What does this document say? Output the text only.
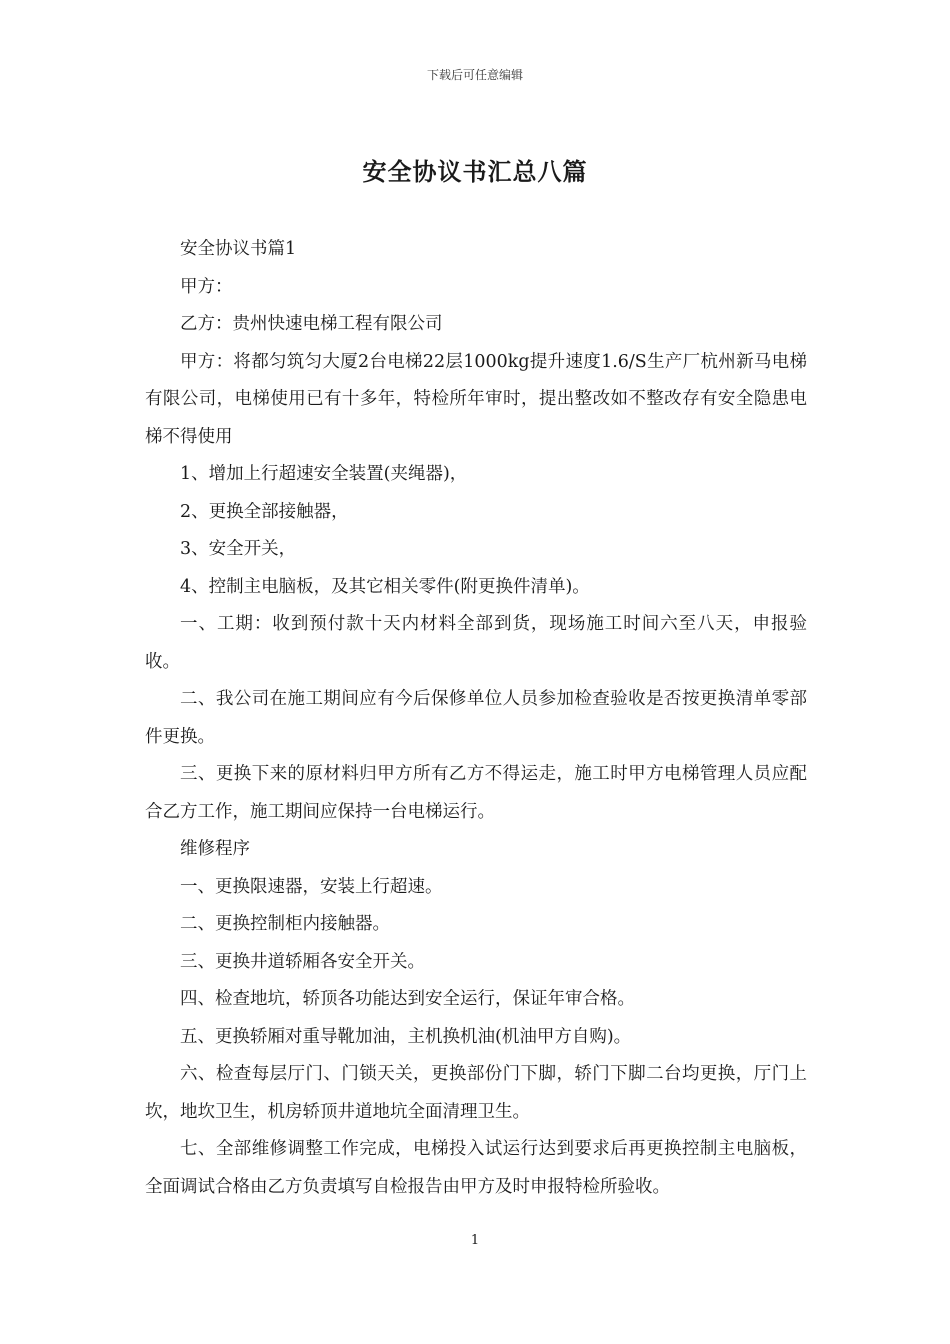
下载后可任意编辑
安全协议书汇总八篇

安全协议书篇1

甲方：

乙方：贵州快速电梯工程有限公司

甲方：将都匀筑匀大厦2台电梯22层1000kg提升速度1.6/S生产厂杭州新马电梯有限公司，电梯使用已有十多年，特检所年审时，提出整改如不整改存有安全隐患电梯不得使用

1、增加上行超速安全装置(夹绳器)，

2、更换全部接触器，

3、安全开关，

4、控制主电脑板，及其它相关零件(附更换件清单)。

一、工期：收到预付款十天内材料全部到货，现场施工时间六至八天，申报验收。

二、我公司在施工期间应有今后保修单位人员参加检查验收是否按更换清单零部件更换。

三、更换下来的原材料归甲方所有乙方不得运走，施工时甲方电梯管理人员应配合乙方工作，施工期间应保持一台电梯运行。

维修程序

一、更换限速器，安装上行超速。

二、更换控制柜内接触器。

三、更换井道轿厢各安全开关。

四、检查地坑，轿顶各功能达到安全运行，保证年审合格。

五、更换轿厢对重导靴加油，主机换机油(机油甲方自购)。

六、检查每层厅门、门锁天关，更换部份门下脚，轿门下脚二台均更换，厅门上坎，地坎卫生，机房轿顶井道地坑全面清理卫生。

七、全部维修调整工作完成，电梯投入试运行达到要求后再更换控制主电脑板，全面调试合格由乙方负责填写自检报告由甲方及时申报特检所验收。

1
